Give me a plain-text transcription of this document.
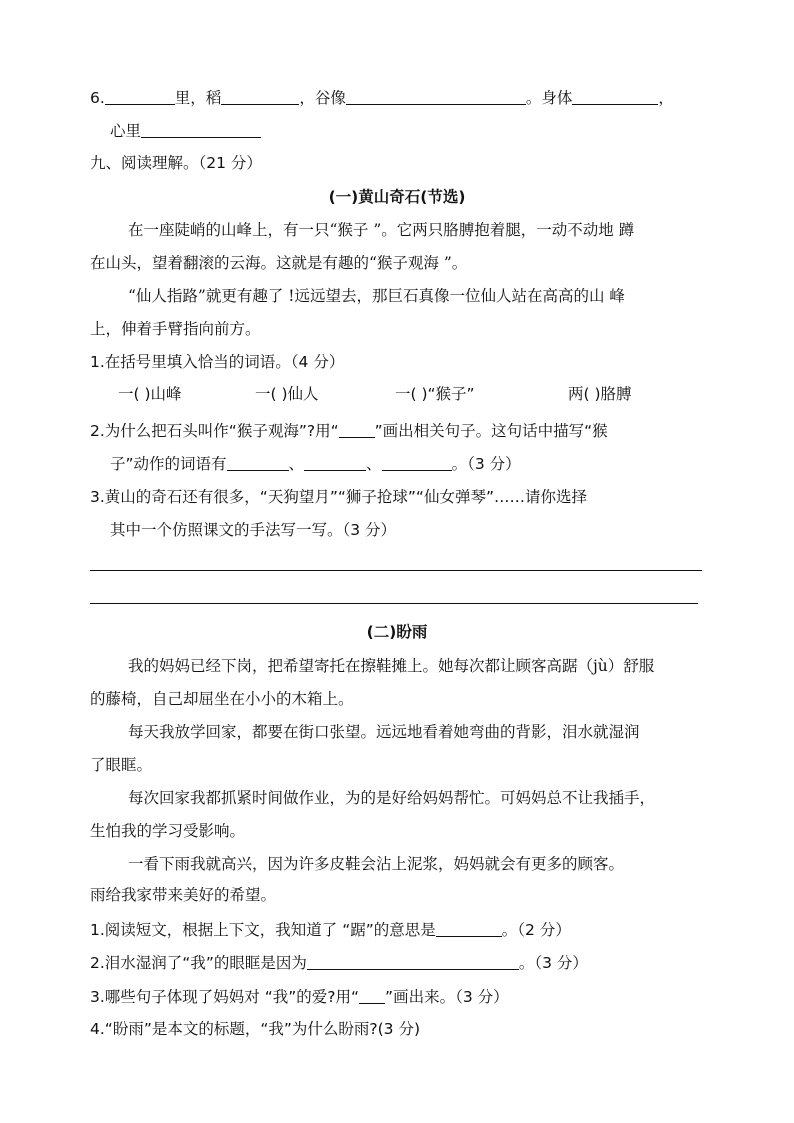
6.	里，稻	，谷像	。身体	，
心里
九、阅读理解。（21 分）
(一)黄山奇石(节选)
在一座陡峭的山峰上，有一只“猴子 ”。它两只胳膊抱着腿，一动不动地 蹲
在山头，望着翻滚的云海。这就是有趣的“猴子观海 ”。
“仙人指路”就更有趣了 !远远望去，那巨石真像一位仙人站在高高的山 峰
上，伸着手臂指向前方。
1.在括号里填入恰当的词语。（4 分）
一( )山峰	一( )仙人	一( )“猴子”	两( )胳膊
2.为什么把石头叫作“猴子观海”?用“ ”画出相关句子。这句话中描写“猴
子”动作的词语有	、	、	。（3 分）
3.黄山的奇石还有很多，“天狗望月”“狮子抢球”“仙女弹琴”……请你选择
其中一个仿照课文的手法写一写。（3 分）
(二)盼雨
我的妈妈已经下岗，把希望寄托在擦鞋摊上。她每次都让顾客高踞（jù）舒服
的藤椅，自己却屈坐在小小的木箱上。
每天我放学回家，都要在街口张望。远远地看着她弯曲的背影，泪水就湿润
了眼眶。
每次回家我都抓紧时间做作业，为的是好给妈妈帮忙。可妈妈总不让我插手，
生怕我的学习受影响。
一看下雨我就高兴，因为许多皮鞋会沾上泥浆，妈妈就会有更多的顾客。
雨给我家带来美好的希望。
1.阅读短文，根据上下文，我知道了 “踞”的意思是	。（2 分）
2.泪水湿润了“我”的眼眶是因为	。（3 分）
3.哪些句子体现了妈妈对 “我”的爱?用“ ”画出来。（3 分）
4.“盼雨”是本文的标题，“我”为什么盼雨?(3 分)
